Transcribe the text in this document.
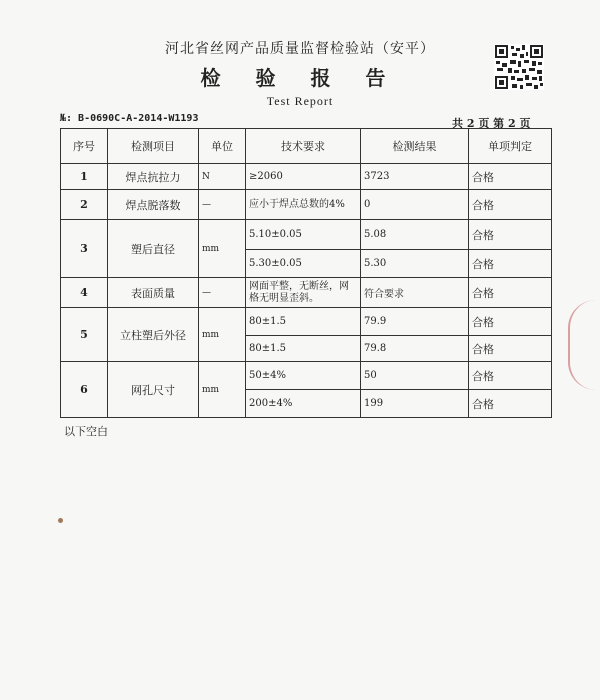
河北省丝网产品质量监督检验站（安平）
检 验 报 告
Test Report
№: B-0690C-A-2014-W1193	共 2 页 第 2 页
序号	检测项目	单位	技术要求	检测结果	单项判定
1	焊点抗拉力	N	≥2060	3723	合格
2	焊点脱落数	—	应小于焊点总数的4%	0	合格
3	塑后直径	mm	5.10±0.05	5.08	合格
			5.30±0.05	5.30	合格
4	表面质量	—	网面平整，无断丝，网格无明显歪斜。	符合要求	合格
5	立柱塑后外径	mm	80±1.5	79.9	合格
			80±1.5	79.8	合格
6	网孔尺寸	mm	50±4%	50	合格
			200±4%	199	合格
以下空白
